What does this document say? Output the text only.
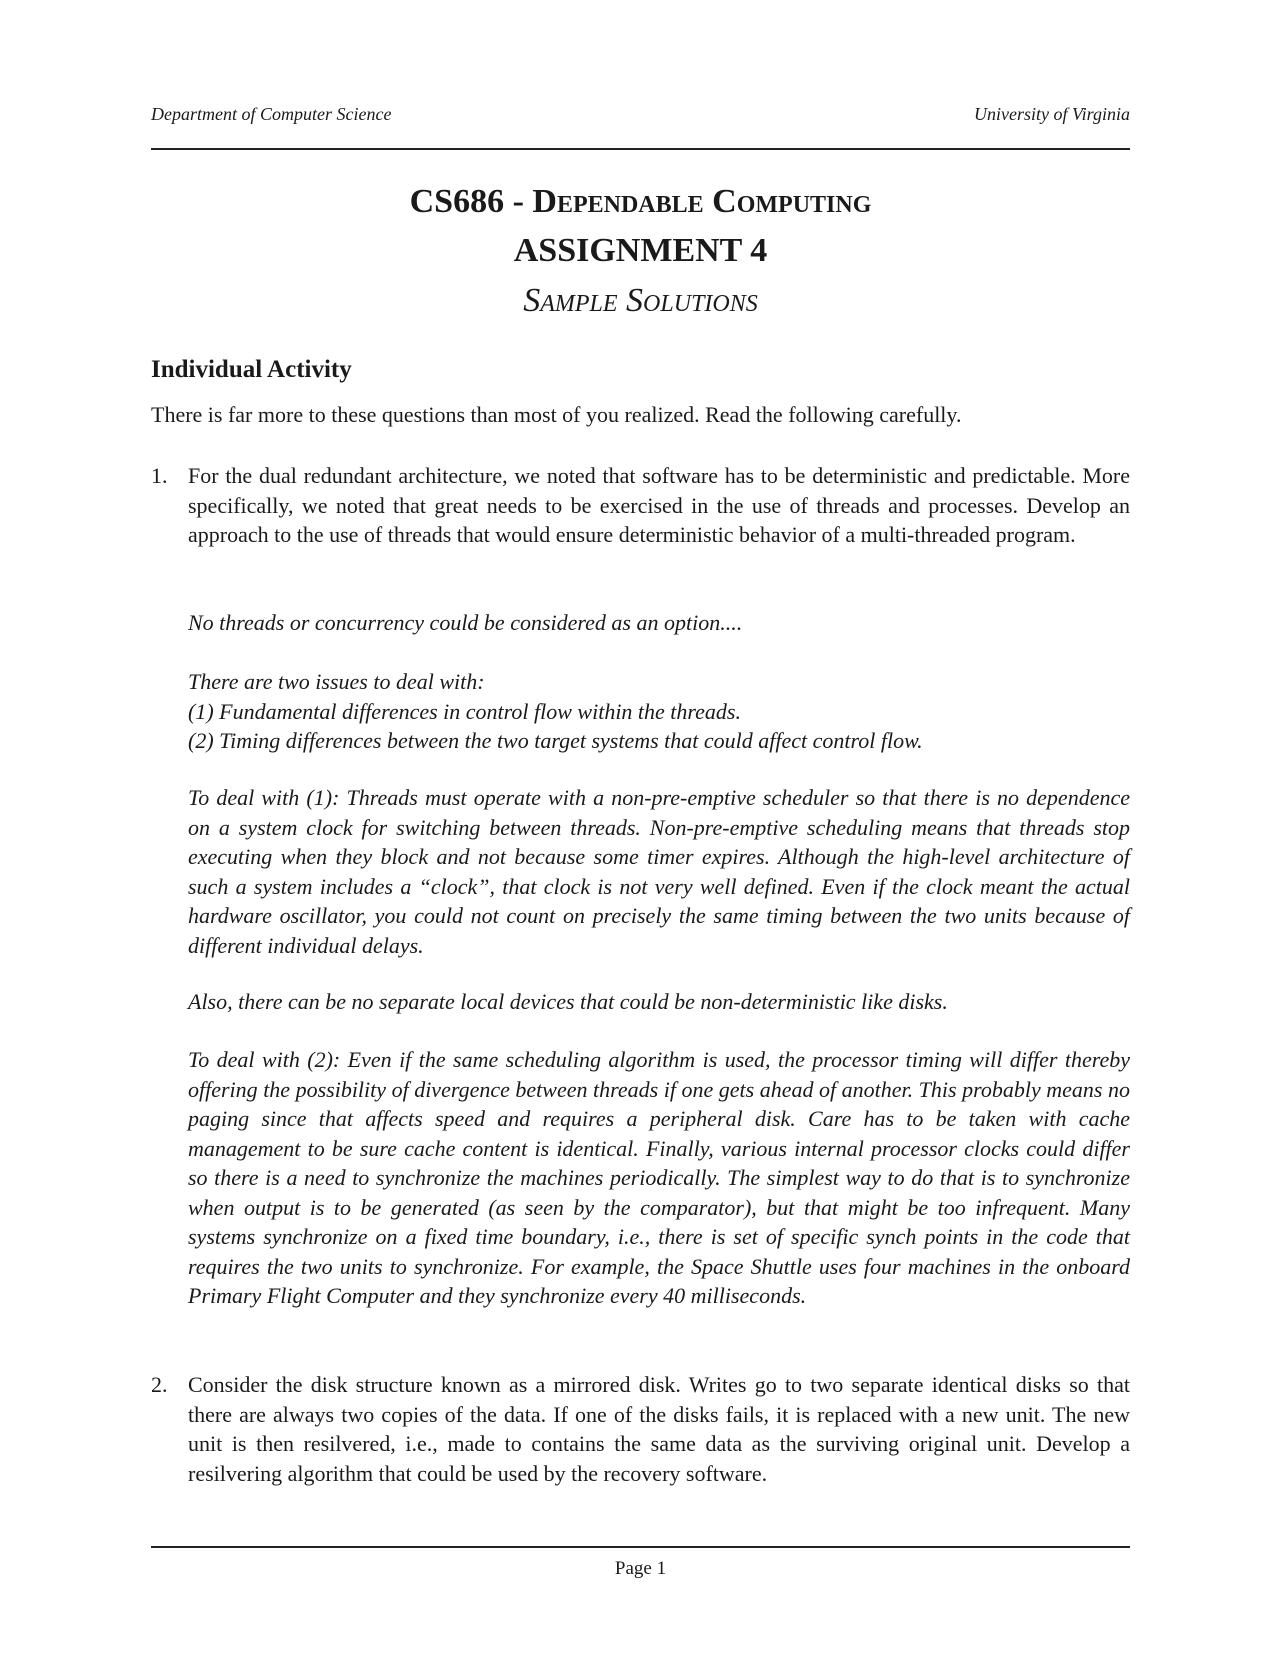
Department of Computer Science	University of Virginia

CS686 - Dependable Computing

ASSIGNMENT 4

Sample Solutions

Individual Activity

There is far more to these questions than most of you realized. Read the following carefully.

1. For the dual redundant architecture, we noted that software has to be deterministic and predictable. More specifically, we noted that great needs to be exercised in the use of threads and processes. Develop an approach to the use of threads that would ensure deterministic behavior of a multi-threaded program.

No threads or concurrency could be considered as an option....

There are two issues to deal with:

(1) Fundamental differences in control flow within the threads.

(2) Timing differences between the two target systems that could affect control flow.

To deal with (1): Threads must operate with a non-pre-emptive scheduler so that there is no dependence on a system clock for switching between threads. Non-pre-emptive scheduling means that threads stop executing when they block and not because some timer expires. Although the high-level architecture of such a system includes a “clock”, that clock is not very well defined. Even if the clock meant the actual hardware oscillator, you could not count on precisely the same timing between the two units because of different individual delays.

Also, there can be no separate local devices that could be non-deterministic like disks.

To deal with (2): Even if the same scheduling algorithm is used, the processor timing will differ thereby offering the possibility of divergence between threads if one gets ahead of another. This probably means no paging since that affects speed and requires a peripheral disk. Care has to be taken with cache management to be sure cache content is identical. Finally, various internal processor clocks could differ so there is a need to synchronize the machines periodically. The simplest way to do that is to synchronize when output is to be generated (as seen by the comparator), but that might be too infrequent. Many systems synchronize on a fixed time boundary, i.e., there is set of specific synch points in the code that requires the two units to synchronize. For example, the Space Shuttle uses four machines in the onboard Primary Flight Computer and they synchronize every 40 milliseconds.

2. Consider the disk structure known as a mirrored disk. Writes go to two separate identical disks so that there are always two copies of the data. If one of the disks fails, it is replaced with a new unit. The new unit is then resilvered, i.e., made to contains the same data as the surviving original unit. Develop a resilvering algorithm that could be used by the recovery software.
Page 1
